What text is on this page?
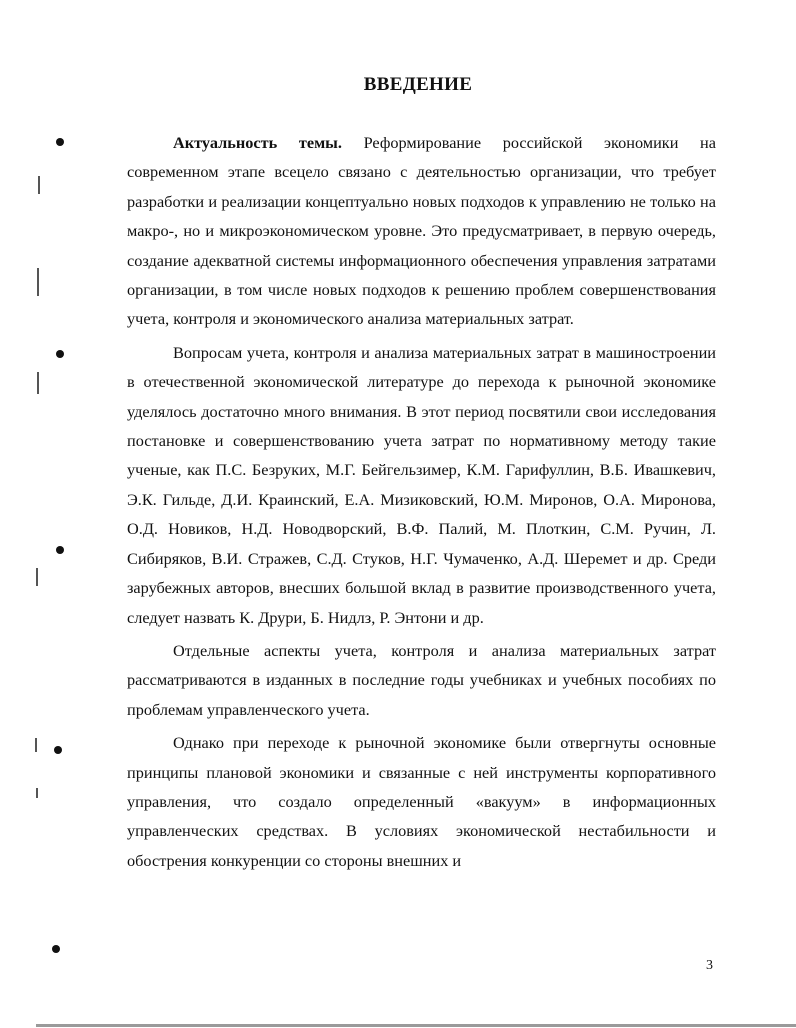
ВВЕДЕНИЕ

Актуальность темы. Реформирование российской экономики на современном этапе всецело связано с деятельностью организации, что требует разработки и реализации концептуально новых подходов к управлению не только на макро-, но и микроэкономическом уровне. Это предусматривает, в первую очередь, создание адекватной системы информационного обеспечения управления затратами организации, в том числе новых подходов к решению проблем совершенствования учета, контроля и экономического анализа материальных затрат.

Вопросам учета, контроля и анализа материальных затрат в машиностроении в отечественной экономической литературе до перехода к рыночной экономике уделялось достаточно много внимания. В этот период посвятили свои исследования постановке и совершенствованию учета затрат по нормативному методу такие ученые, как П.С. Безруких, М.Г. Бейгельзимер, К.М. Гарифуллин, В.Б. Ивашкевич, Э.К. Гильде, Д.И. Краинский, Е.А. Мизиковский, Ю.М. Миронов, О.А. Миронова, О.Д. Новиков, Н.Д. Новодворский, В.Ф. Палий, М. Плоткин, С.М. Ручин, Л. Сибиряков, В.И. Стражев, С.Д. Стуков, Н.Г. Чумаченко, А.Д. Шеремет и др. Среди зарубежных авторов, внесших большой вклад в развитие производственного учета, следует назвать К. Друри, Б. Нидлз, Р. Энтони и др.

Отдельные аспекты учета, контроля и анализа материальных затрат рассматриваются в изданных в последние годы учебниках и учебных пособиях по проблемам управленческого учета.

Однако при переходе к рыночной экономике были отвергнуты основные принципы плановой экономики и связанные с ней инструменты корпоративного управления, что создало определенный «вакуум» в информационных управленческих средствах. В условиях экономической нестабильности и обострения конкуренции со стороны внешних и

3
